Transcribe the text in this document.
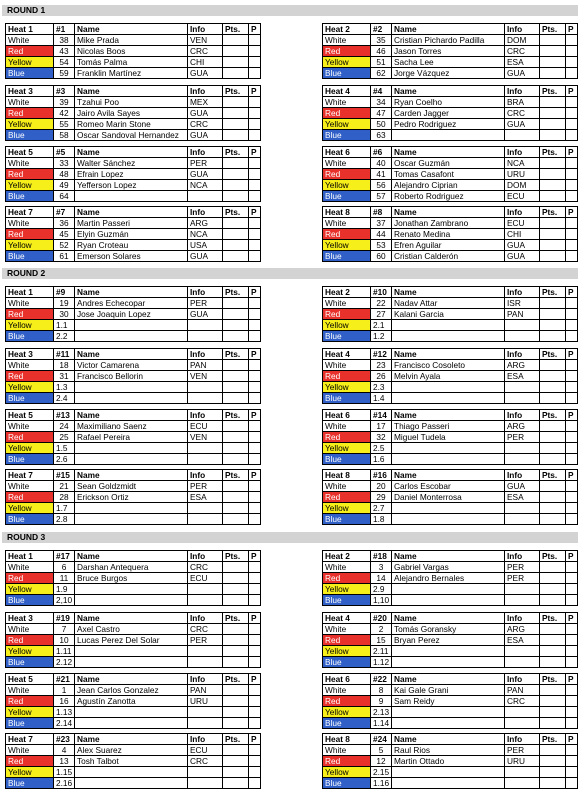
ROUND 1
Heat 1	#1	Name	Info	Pts.	P
White	38	Mike Prada	VEN		
Red	43	Nicolas Boos	CRC		
Yellow	54	Tomás Palma	CHI		
Blue	59	Franklin Martínez	GUA		
Heat 2	#2	Name	Info	Pts.	P
White	35	Cristian Pichardo Padilla	DOM		
Red	46	Jason Torres	CRC		
Yellow	51	Sacha Lee	ESA		
Blue	62	Jorge Vázquez	GUA		
Heat 3	#3	Name	Info	Pts.	P
White	39	Tzahui Poo	MEX		
Red	42	Jairo Avila Sayes	GUA		
Yellow	55	Romeo Marin Stone	CRC		
Blue	58	Oscar Sandoval Hernandez	GUA		
Heat 4	#4	Name	Info	Pts.	P
White	34	Ryan Coelho	BRA		
Red	47	Carden Jagger	CRC		
Yellow	50	Pedro Rodriguez	GUA		
Blue	63				
Heat 5	#5	Name	Info	Pts.	P
White	33	Walter Sánchez	PER		
Red	48	Efrain Lopez	GUA		
Yellow	49	Yefferson Lopez	NCA		
Blue	64				
Heat 6	#6	Name	Info	Pts.	P
White	40	Oscar Guzmán	NCA		
Red	41	Tomas Casafont	URU		
Yellow	56	Alejandro Ciprian	DOM		
Blue	57	Roberto Rodriguez	ECU		
Heat 7	#7	Name	Info	Pts.	P
White	36	Martin Passeri	ARG		
Red	45	Elyin Guzmán	NCA		
Yellow	52	Ryan Croteau	USA		
Blue	61	Emerson Solares	GUA		
Heat 8	#8	Name	Info	Pts.	P
White	37	Jonathan Zambrano	ECU		
Red	44	Renato Medina	CHI		
Yellow	53	Efren Aguilar	GUA		
Blue	60	Cristian Calderón	GUA		
ROUND 2
Heat 1	#9	Name	Info	Pts.	P
White	19	Andres Echecopar	PER		
Red	30	Jose Joaquin Lopez	GUA		
Yellow	1.1				
Blue	2.2				
Heat 2	#10	Name	Info	Pts.	P
White	22	Nadav Attar	ISR		
Red	27	Kalani Garcia	PAN		
Yellow	2.1				
Blue	1.2				
Heat 3	#11	Name	Info	Pts.	P
White	18	Victor Camarena	PAN		
Red	31	Francisco Bellorin	VEN		
Yellow	1.3				
Blue	2.4				
Heat 4	#12	Name	Info	Pts.	P
White	23	Francisco Cosoleto	ARG		
Red	26	Melvin Ayala	ESA		
Yellow	2.3				
Blue	1.4				
Heat 5	#13	Name	Info	Pts.	P
White	24	Maximiliano Saenz	ECU		
Red	25	Rafael Pereira	VEN		
Yellow	1.5				
Blue	2.6				
Heat 6	#14	Name	Info	Pts.	P
White	17	Thiago Passeri	ARG		
Red	32	Miguel Tudela	PER		
Yellow	2.5				
Blue	1.6				
Heat 7	#15	Name	Info	Pts.	P
White	21	Sean Goldzmidt	PER		
Red	28	Erickson Ortiz	ESA		
Yellow	1.7				
Blue	2.8				
Heat 8	#16	Name	Info	Pts.	P
White	20	Carlos Escobar	GUA		
Red	29	Daniel Monterrosa	ESA		
Yellow	2.7				
Blue	1.8				
ROUND 3
Heat 1	#17	Name	Info	Pts.	P
White	6	Darshan Antequera	CRC		
Red	11	Bruce Burgos	ECU		
Yellow	1.9				
Blue	2,10				
Heat 2	#18	Name	Info	Pts.	P
White	3	Gabriel Vargas	PER		
Red	14	Alejandro Bernales	PER		
Yellow	2.9				
Blue	1,10				
Heat 3	#19	Name	Info	Pts.	P
White	7	Axel Castro	CRC		
Red	10	Lucas Perez Del Solar	PER		
Yellow	1.11				
Blue	2.12				
Heat 4	#20	Name	Info	Pts.	P
White	2	Tomás Goransky	ARG		
Red	15	Bryan Perez	ESA		
Yellow	2.11				
Blue	1.12				
Heat 5	#21	Name	Info	Pts.	P
White	1	Jean Carlos Gonzalez	PAN		
Red	16	Agustín Zanotta	URU		
Yellow	1.13				
Blue	2.14				
Heat 6	#22	Name	Info	Pts.	P
White	8	Kai Gale Grani	PAN		
Red	9	Sam Reidy	CRC		
Yellow	2.13				
Blue	1.14				
Heat 7	#23	Name	Info	Pts.	P
White	4	Alex Suarez	ECU		
Red	13	Tosh Talbot	CRC		
Yellow	1.15				
Blue	2.16				
Heat 8	#24	Name	Info	Pts.	P
White	5	Raul Rios	PER		
Red	12	Martin Ottado	URU		
Yellow	2.15				
Blue	1.16				
